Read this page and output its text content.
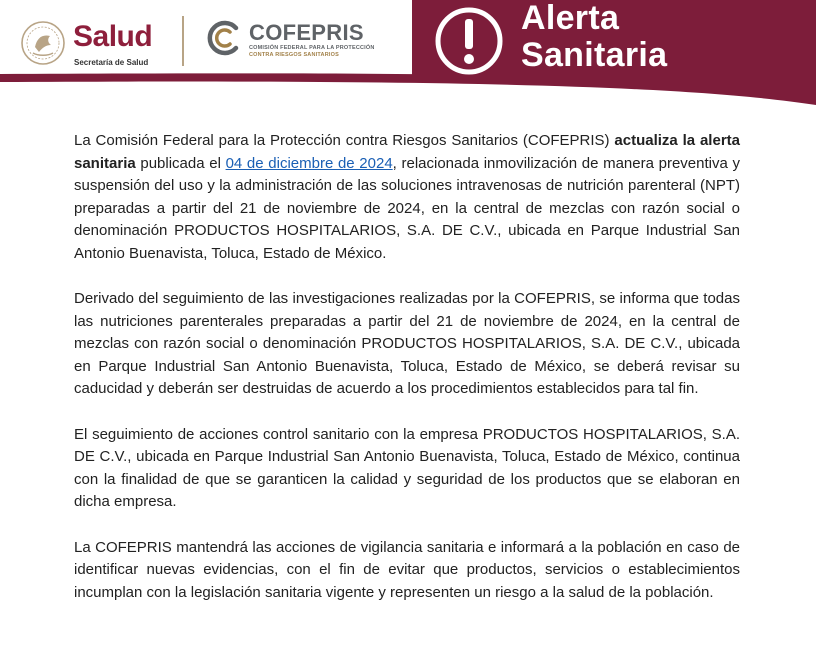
Salud
Secretaría de Salud
COFEPRIS
COMISIÓN FEDERAL PARA LA PROTECCIÓN
CONTRA RIESGOS SANITARIOS
Alerta
Sanitaria

La Comisión Federal para la Protección contra Riesgos Sanitarios (COFEPRIS) actualiza la alerta sanitaria publicada el 04 de diciembre de 2024, relacionada inmovilización de manera preventiva y suspensión del uso y la administración de las soluciones intravenosas de nutrición parenteral (NPT) preparadas a partir del 21 de noviembre de 2024, en la central de mezclas con razón social o denominación PRODUCTOS HOSPITALARIOS, S.A. DE C.V., ubicada en Parque Industrial San Antonio Buenavista, Toluca, Estado de México.

Derivado del seguimiento de las investigaciones realizadas por la COFEPRIS, se informa que todas las nutriciones parenterales preparadas a partir del 21 de noviembre de 2024, en la central de mezclas con razón social o denominación PRODUCTOS HOSPITALARIOS, S.A. DE C.V., ubicada en Parque Industrial San Antonio Buenavista, Toluca, Estado de México, se deberá revisar su caducidad y deberán ser destruidas de acuerdo a los procedimientos establecidos para tal fin.

El seguimiento de acciones control sanitario con la empresa PRODUCTOS HOSPITALARIOS, S.A. DE C.V., ubicada en Parque Industrial San Antonio Buenavista, Toluca, Estado de México, continua con la finalidad de que se garanticen la calidad y seguridad de los productos que se elaboran en dicha empresa.

La COFEPRIS mantendrá las acciones de vigilancia sanitaria e informará a la población en caso de identificar nuevas evidencias, con el fin de evitar que productos, servicios o establecimientos incumplan con la legislación sanitaria vigente y representen un riesgo a la salud de la población.
